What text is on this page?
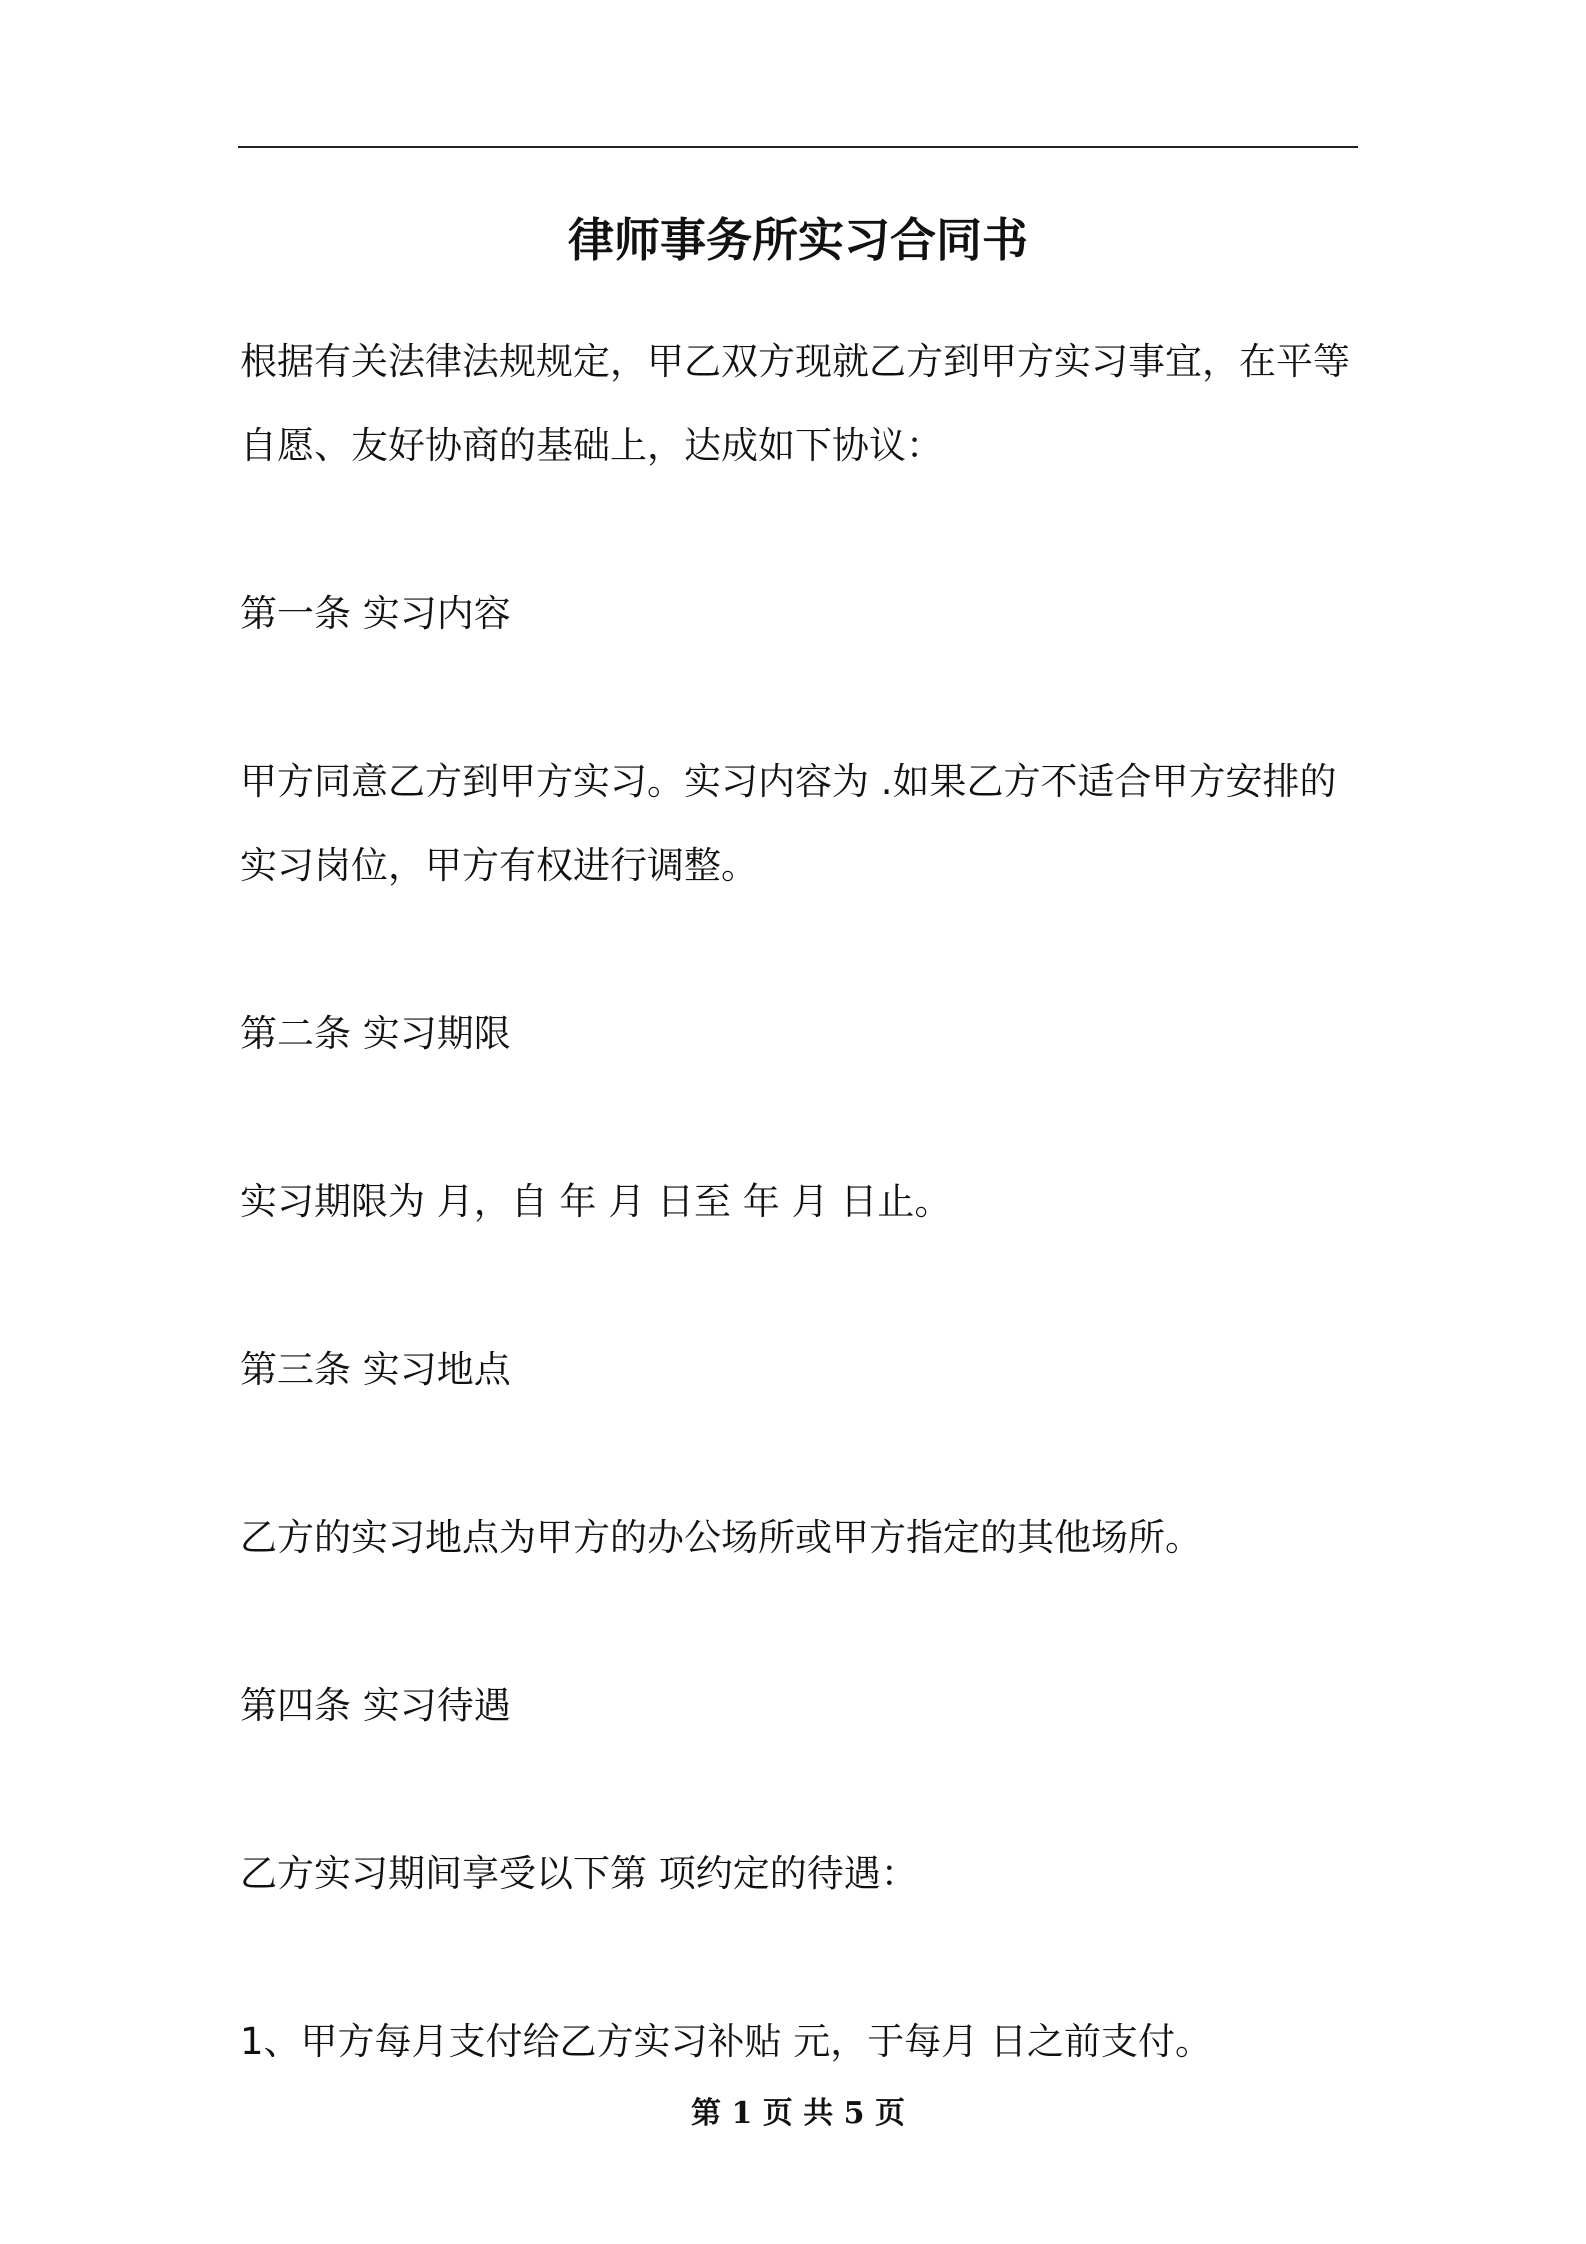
律师事务所实习合同书

根据有关法律法规规定，甲乙双方现就乙方到甲方实习事宜，在平等

自愿、友好协商的基础上，达成如下协议：

第一条 实习内容

甲方同意乙方到甲方实习。实习内容为 .如果乙方不适合甲方安排的

实习岗位，甲方有权进行调整。

第二条 实习期限

实习期限为 月，自 年 月 日至 年 月 日止。

第三条 实习地点

乙方的实习地点为甲方的办公场所或甲方指定的其他场所。

第四条 实习待遇

乙方实习期间享受以下第 项约定的待遇：

1、甲方每月支付给乙方实习补贴 元，于每月 日之前支付。

第 1 页 共 5 页
